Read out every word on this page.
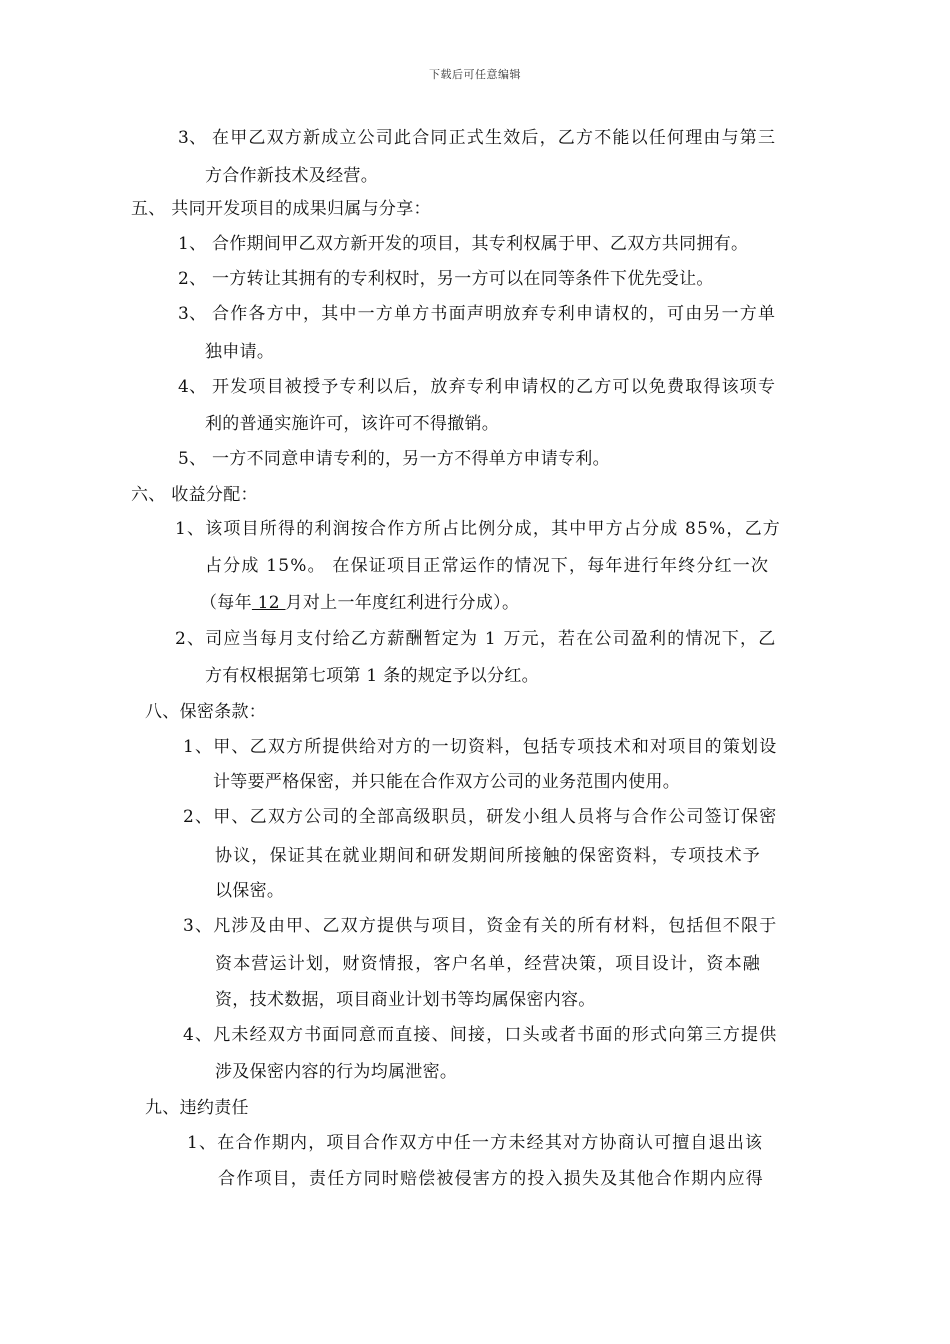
下载后可任意编辑
3、 在甲乙双方新成立公司此合同正式生效后，乙方不能以任何理由与第三
方合作新技术及经营。
五、 共同开发项目的成果归属与分享：
1、 合作期间甲乙双方新开发的项目，其专利权属于甲、乙双方共同拥有。
2、 一方转让其拥有的专利权时，另一方可以在同等条件下优先受让。
3、 合作各方中，其中一方单方书面声明放弃专利申请权的，可由另一方单
独申请。
4、 开发项目被授予专利以后，放弃专利申请权的乙方可以免费取得该项专
利的普通实施许可，该许可不得撤销。
5、 一方不同意申请专利的，另一方不得单方申请专利。
六、 收益分配：
1、该项目所得的利润按合作方所占比例分成，其中甲方占分成 85%，乙方
占分成 15%。 在保证项目正常运作的情况下，每年进行年终分红一次
（每年 12 月对上一年度红利进行分成）。
2、司应当每月支付给乙方薪酬暂定为 1 万元，若在公司盈利的情况下，乙
方有权根据第七项第 1 条的规定予以分红。
八、保密条款：
1、甲、乙双方所提供给对方的一切资料，包括专项技术和对项目的策划设
计等要严格保密，并只能在合作双方公司的业务范围内使用。
2、甲、乙双方公司的全部高级职员，研发小组人员将与合作公司签订保密
协议，保证其在就业期间和研发期间所接触的保密资料，专项技术予
以保密。
3、凡涉及由甲、乙双方提供与项目，资金有关的所有材料，包括但不限于
资本营运计划，财资情报，客户名单，经营决策，项目设计，资本融
资，技术数据，项目商业计划书等均属保密内容。
4、凡未经双方书面同意而直接、间接，口头或者书面的形式向第三方提供
涉及保密内容的行为均属泄密。
九、违约责任
1、在合作期内，项目合作双方中任一方未经其对方协商认可擅自退出该
合作项目，责任方同时赔偿被侵害方的投入损失及其他合作期内应得
